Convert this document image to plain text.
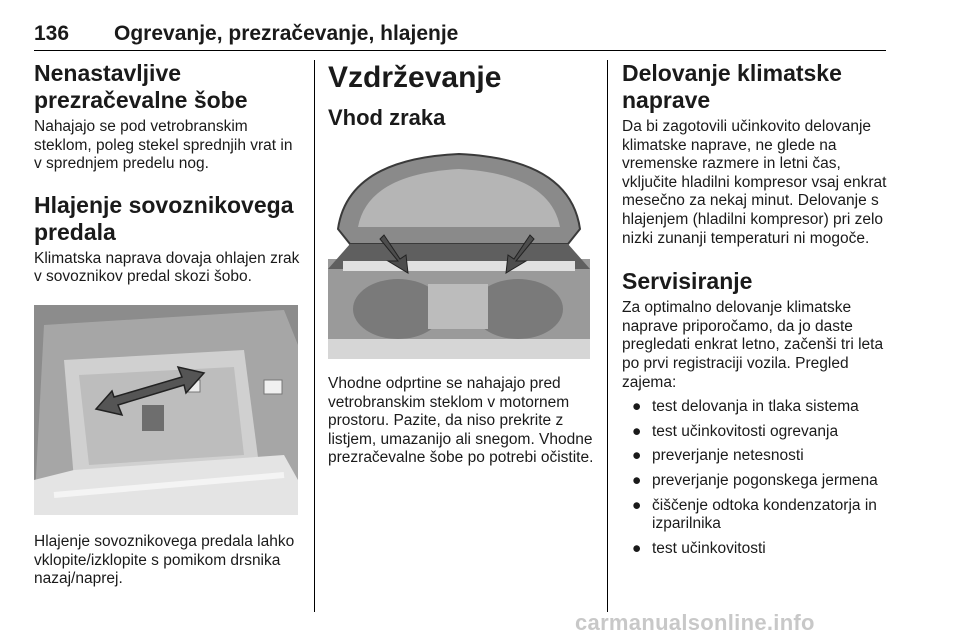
136 Ogrevanje, prezračevanje, hlajenje
Nenastavljive prezračevalne šobe

Nahajajo se pod vetrobranskim steklom, poleg stekel sprednjih vrat in v sprednjem predelu nog.

Hlajenje sovoznikovega predala

Klimatska naprava dovaja ohlajen zrak v sovoznikov predal skozi šobo.

Hlajenje sovoznikovega predala lahko vklopite/izklopite s pomikom drsnika nazaj/naprej.

Vzdrževanje
Vhod zraka

Vhodne odprtine se nahajajo pred vetrobranskim steklom v motornem prostoru. Pazite, da niso prekrite z listjem, umazanijo ali snegom. Vhodne prezračevalne šobe po potrebi očistite.

Delovanje klimatske naprave

Da bi zagotovili učinkovito delovanje klimatske naprave, ne glede na vremenske razmere in letni čas, vključite hladilni kompresor vsaj enkrat mesečno za nekaj minut. Delovanje s hlajenjem (hladilni kompresor) pri zelo nizki zunanji temperaturi ni mogoče.

Servisiranje

Za optimalno delovanje klimatske naprave priporočamo, da jo daste pregledati enkrat letno, začenši tri leta po prvi registraciji vozila. Pregled zajema:

● test delovanja in tlaka sistema
● test učinkovitosti ogrevanja
● preverjanje netesnosti
● preverjanje pogonskega jermena
● čiščenje odtoka kondenzatorja in izparilnika
● test učinkovitosti
carmanualsonline.info
